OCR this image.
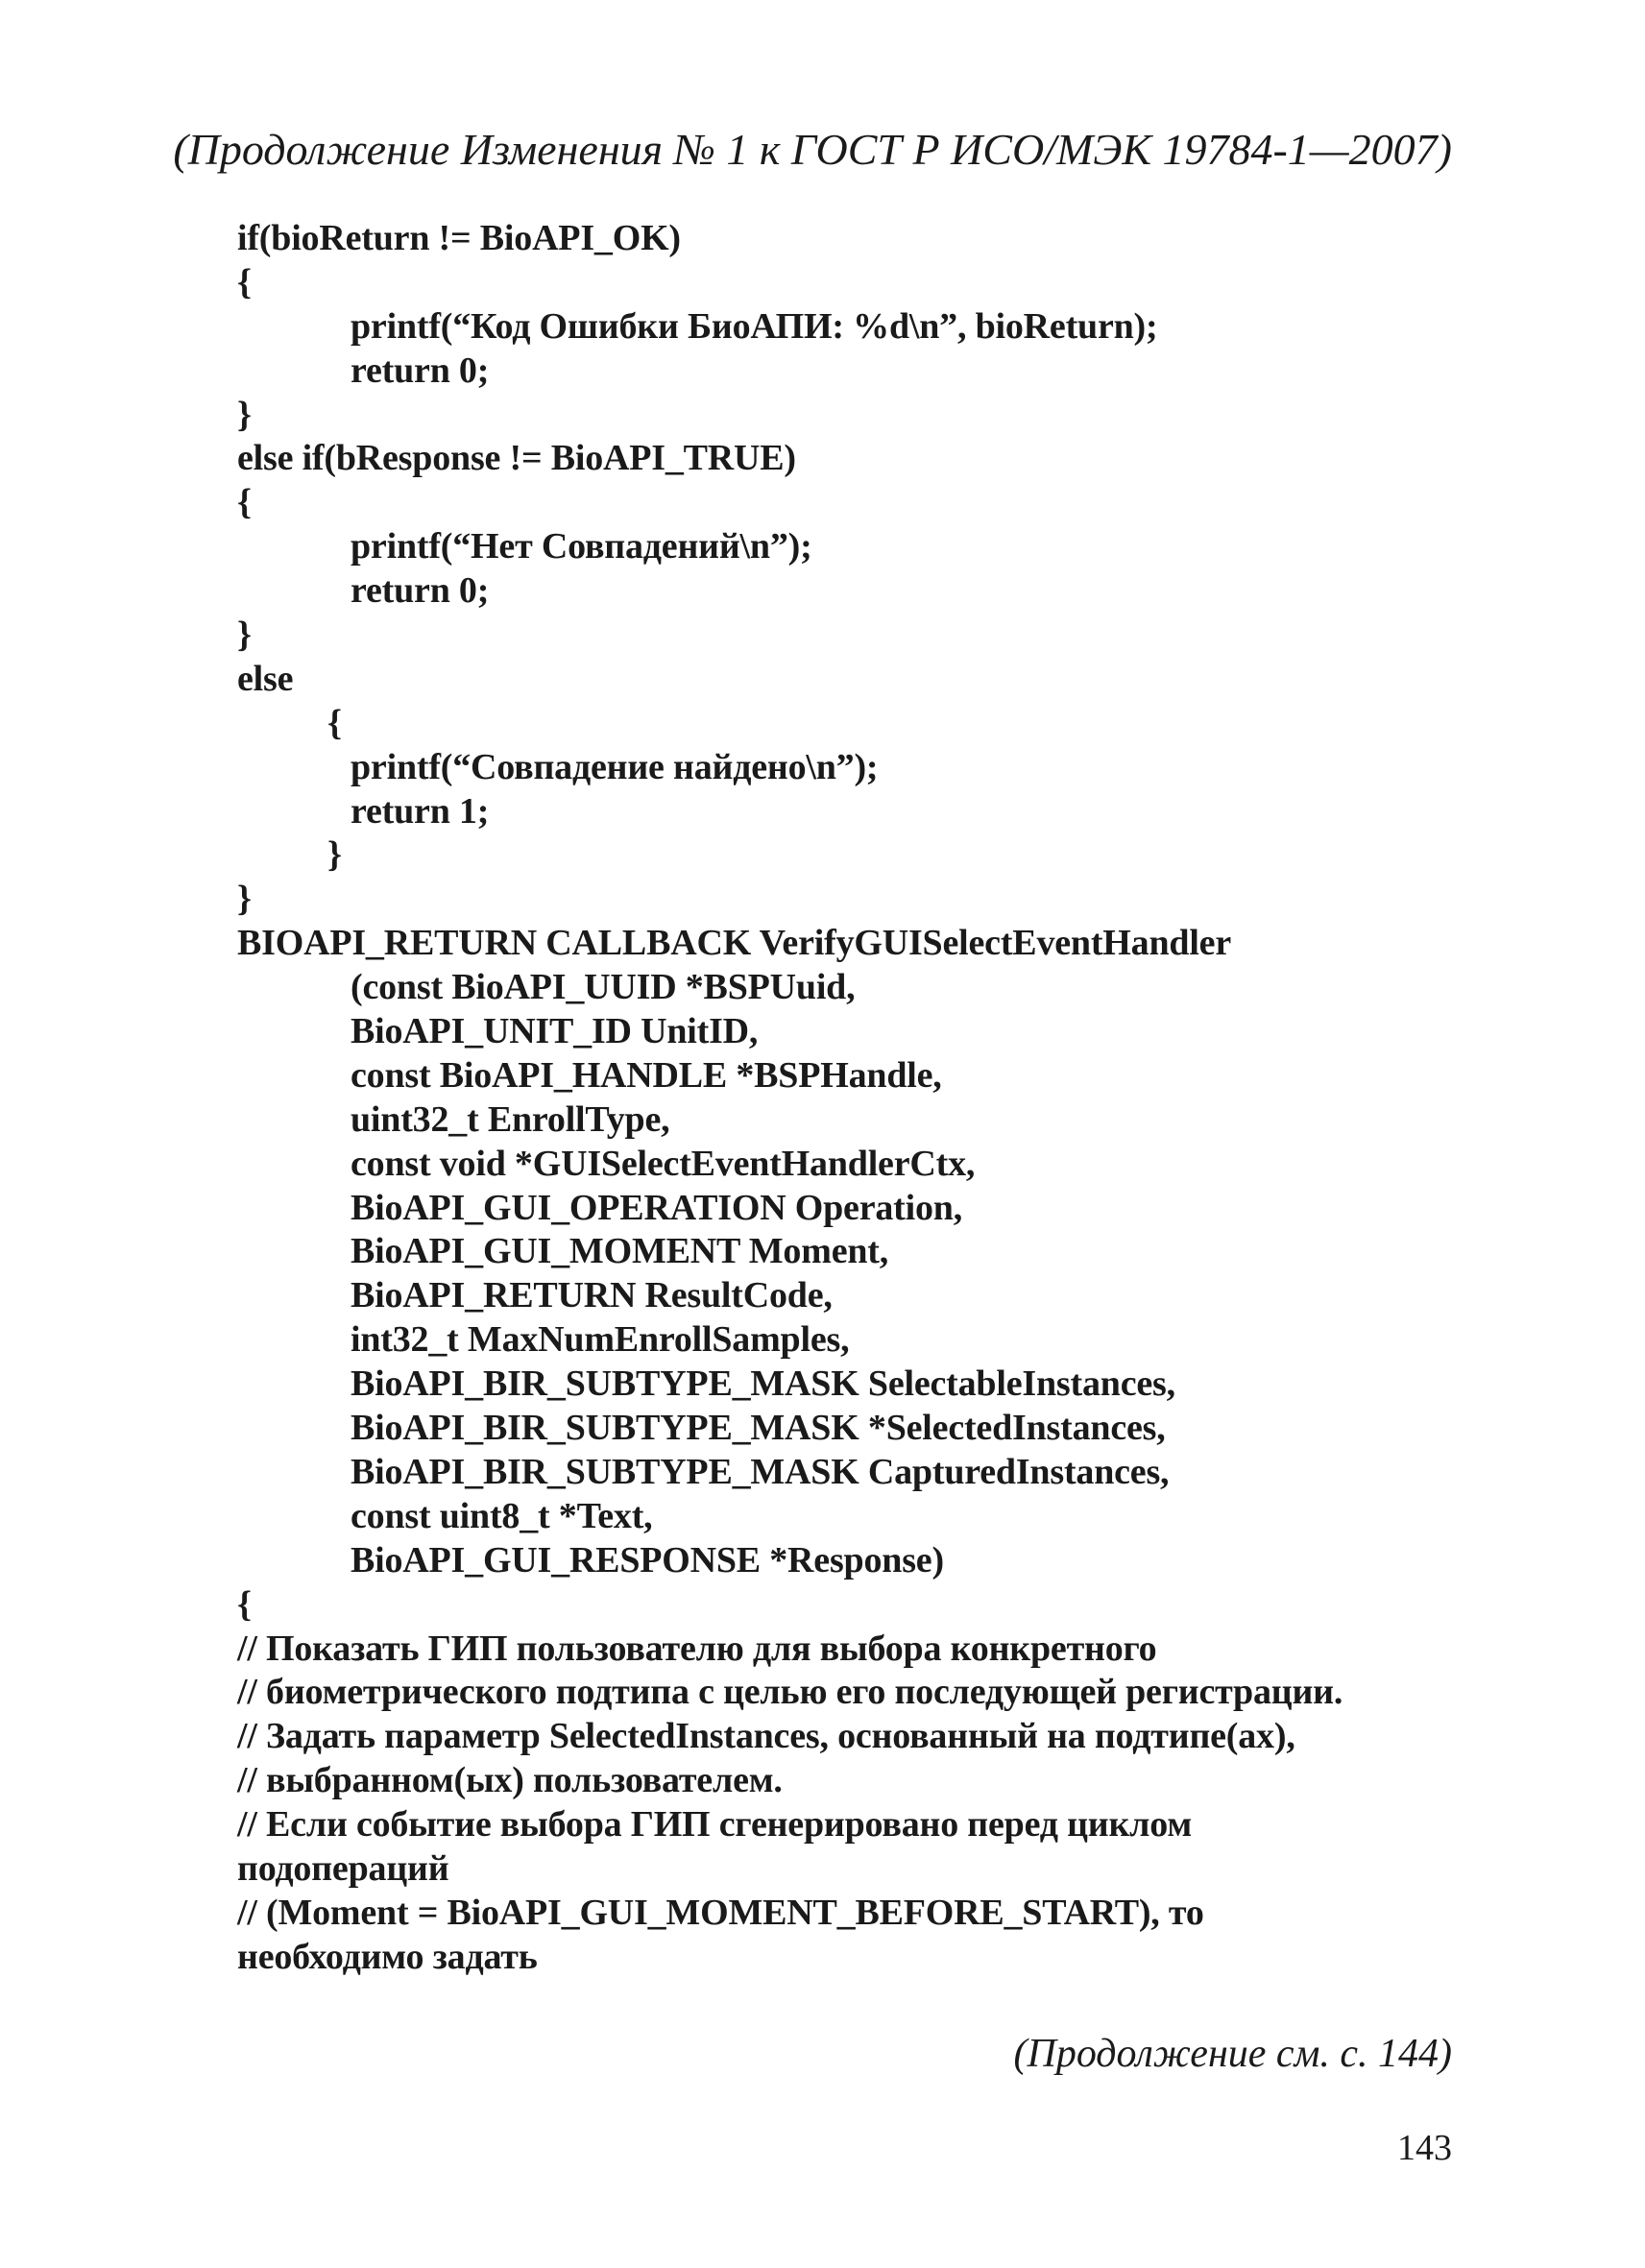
(Продолжение Изменения № 1 к ГОСТ Р ИСО/МЭК 19784-1—2007)
if(bioReturn != BioAPI_OK)
{
printf(“Код Ошибки БиоАПИ: %d\n”, bioReturn);
return 0;
}
else if(bResponse != BioAPI_TRUE)
{
printf(“Нет Совпадений\n”);
return 0;
}
else
{
printf(“Совпадение найдено\n”);
return 1;
}
}
BIOAPI_RETURN CALLBACK VerifyGUISelectEventHandler
(const BioAPI_UUID *BSPUuid,
BioAPI_UNIT_ID UnitID,
const BioAPI_HANDLE *BSPHandle,
uint32_t EnrollType,
const void *GUISelectEventHandlerCtx,
BioAPI_GUI_OPERATION Operation,
BioAPI_GUI_MOMENT Moment,
BioAPI_RETURN ResultCode,
int32_t MaxNumEnrollSamples,
BioAPI_BIR_SUBTYPE_MASK SelectableInstances,
BioAPI_BIR_SUBTYPE_MASK *SelectedInstances,
BioAPI_BIR_SUBTYPE_MASK CapturedInstances,
const uint8_t *Text,
BioAPI_GUI_RESPONSE *Response)
{
// Показать ГИП пользователю для выбора конкретного
// биометрического подтипа с целью его последующей регистрации.
// Задать параметр SelectedInstances, основанный на подтипе(ах),
// выбранном(ых) пользователем.
// Если событие выбора ГИП сгенерировано перед циклом
подопераций
// (Moment = BioAPI_GUI_MOMENT_BEFORE_START), то
необходимо задать
(Продолжение см. с. 144)
143
